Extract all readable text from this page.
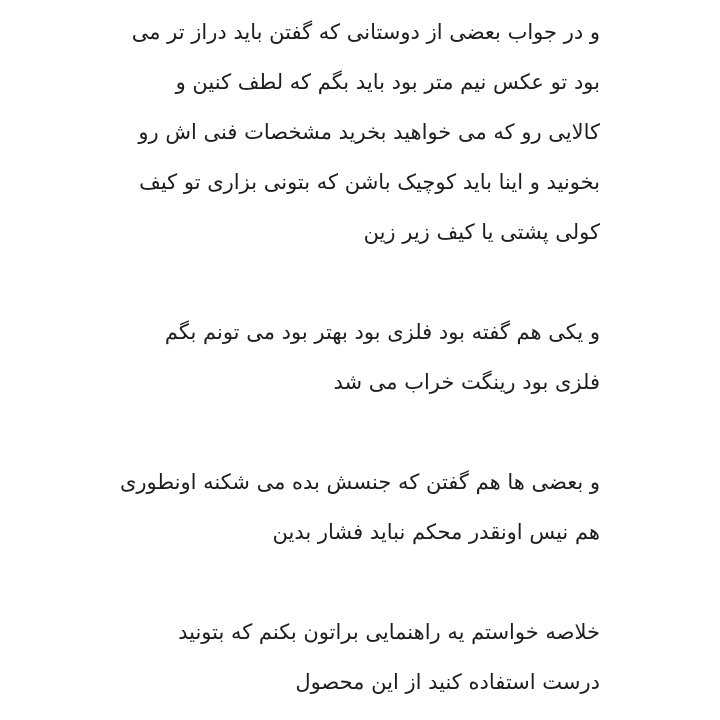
و در جواب بعضی از دوستانی که گفتن باید دراز تر می
بود تو عکس نیم متر بود باید بگم که لطف کنین و
کالایی رو که می خواهید بخرید مشخصات فنی اش رو
بخونید و اینا باید کوچیک باشن که بتونی بزاری تو کیف
کولی پشتی یا کیف زیر زین

و یکی هم گفته بود فلزی بود بهتر بود می تونم بگم
فلزی بود رینگت خراب می شد

و بعضی ها هم گفتن که جنسش بده می شکنه اونطوری
هم نیس اونقدر محکم نباید فشار بدین

خلاصه خواستم یه راهنمایی براتون بکنم که بتونید
درست استفاده کنید از این محصول
